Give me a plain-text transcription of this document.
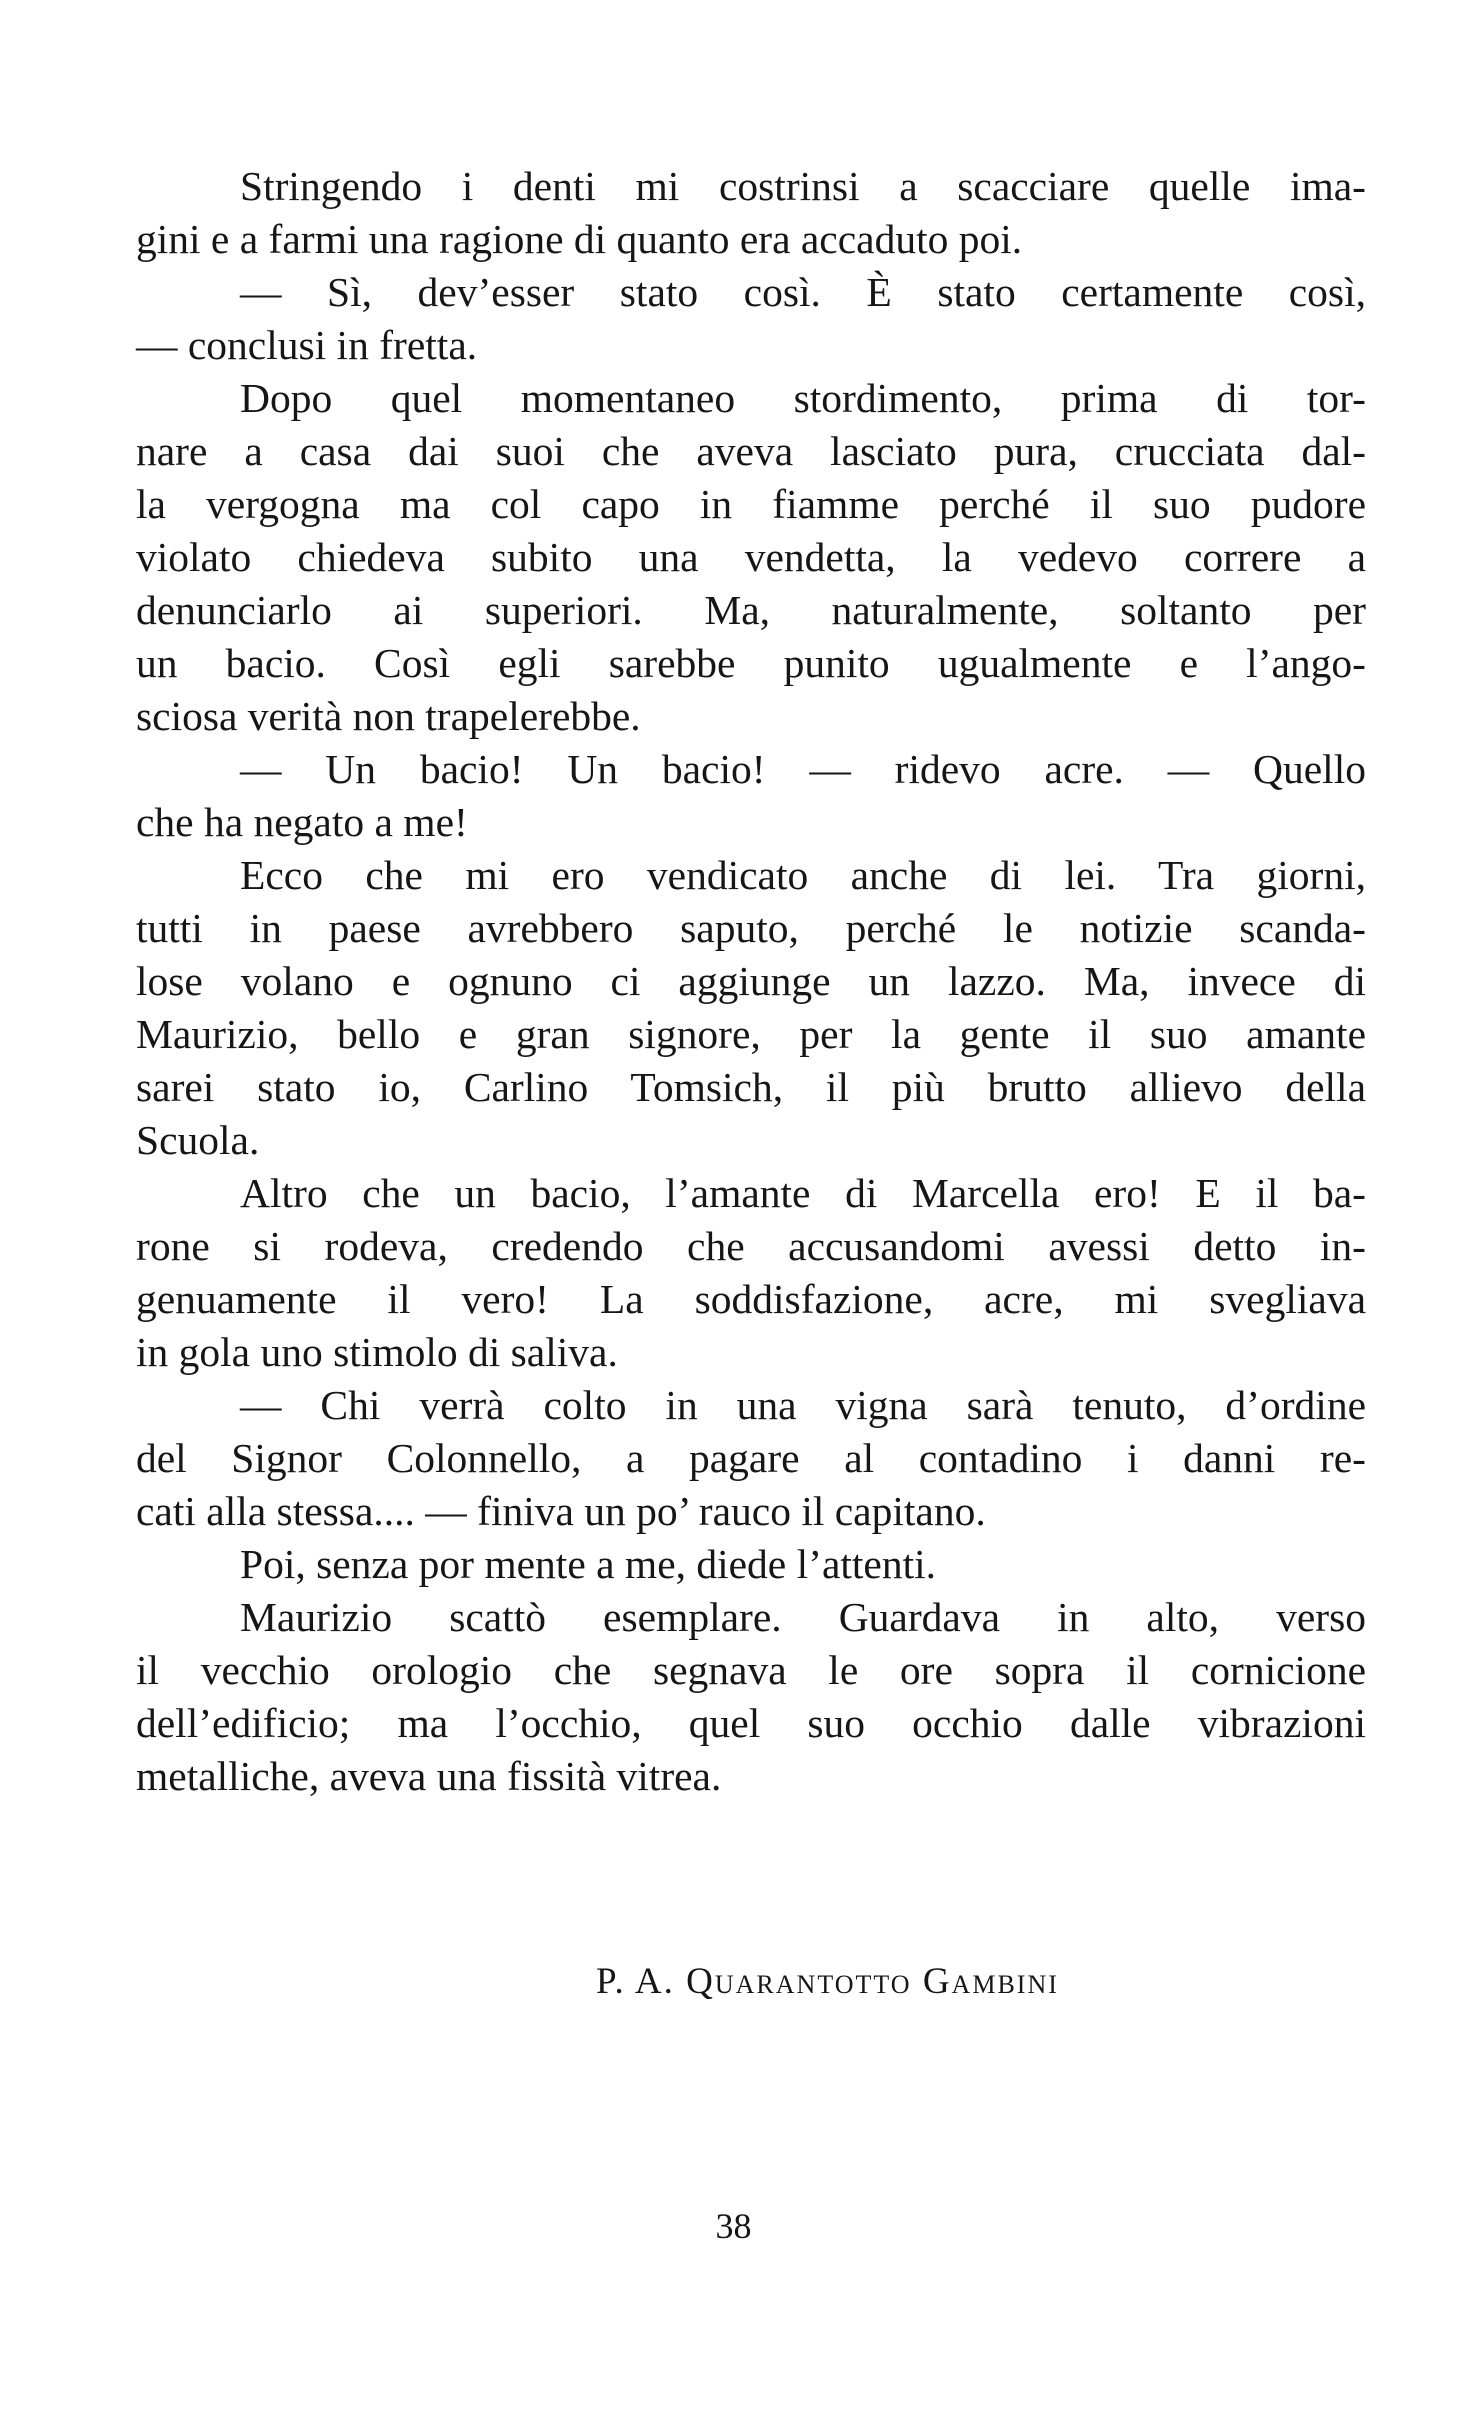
Stringendo i denti mi costrinsi a scacciare quelle ima-
gini e a farmi una ragione di quanto era accaduto poi.
— Sì, dev’esser stato così. È stato certamente così,
— conclusi in fretta.
Dopo quel momentaneo stordimento, prima di tor-
nare a casa dai suoi che aveva lasciato pura, crucciata dal-
la vergogna ma col capo in fiamme perché il suo pudore
violato chiedeva subito una vendetta, la vedevo correre a
denunciarlo ai superiori. Ma, naturalmente, soltanto per
un bacio. Così egli sarebbe punito ugualmente e l’ango-
sciosa verità non trapelerebbe.
— Un bacio! Un bacio! — ridevo acre. — Quello
che ha negato a me!
Ecco che mi ero vendicato anche di lei. Tra giorni,
tutti in paese avrebbero saputo, perché le notizie scanda-
lose volano e ognuno ci aggiunge un lazzo. Ma, invece di
Maurizio, bello e gran signore, per la gente il suo amante
sarei stato io, Carlino Tomsich, il più brutto allievo della
Scuola.
Altro che un bacio, l’amante di Marcella ero! E il ba-
rone si rodeva, credendo che accusandomi avessi detto in-
genuamente il vero! La soddisfazione, acre, mi svegliava
in gola uno stimolo di saliva.
— Chi verrà colto in una vigna sarà tenuto, d’ordine
del Signor Colonnello, a pagare al contadino i danni re-
cati alla stessa.... — finiva un po’ rauco il capitano.
Poi, senza por mente a me, diede l’attenti.
Maurizio scattò esemplare. Guardava in alto, verso
il vecchio orologio che segnava le ore sopra il cornicione
dell’edificio; ma l’occhio, quel suo occhio dalle vibrazioni
metalliche, aveva una fissità vitrea.
P. A. Quarantotto Gambini
38
